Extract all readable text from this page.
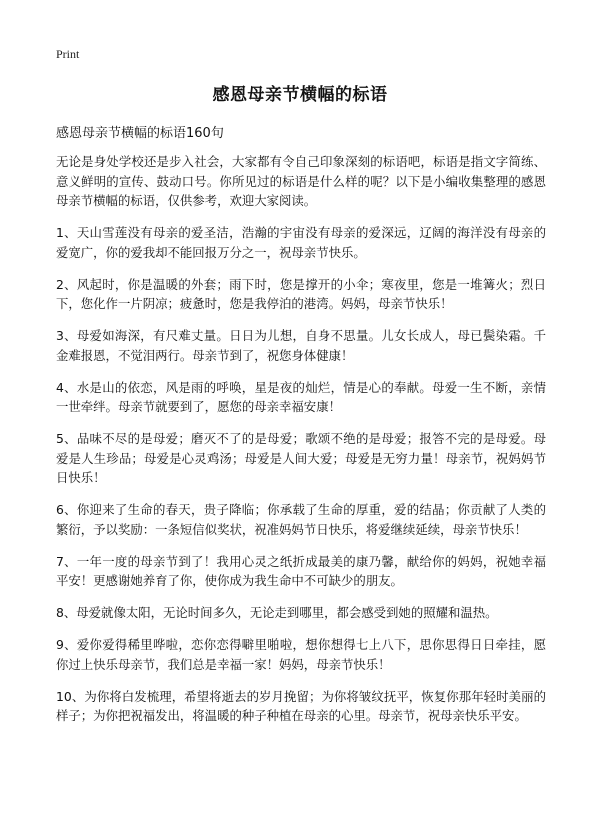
Print
感恩母亲节横幅的标语

感恩母亲节横幅的标语160句

无论是身处学校还是步入社会，大家都有令自己印象深刻的标语吧，标语是指文字简练、意义鲜明的宣传、鼓动口号。你所见过的标语是什么样的呢？以下是小编收集整理的感恩母亲节横幅的标语，仅供参考，欢迎大家阅读。

1、天山雪莲没有母亲的爱圣洁，浩瀚的宇宙没有母亲的爱深远，辽阔的海洋没有母亲的爱宽广，你的爱我却不能回报万分之一，祝母亲节快乐。

2、风起时，你是温暖的外套；雨下时，您是撑开的小伞；寒夜里，您是一堆篝火；烈日下，您化作一片阴凉；疲惫时，您是我停泊的港湾。妈妈，母亲节快乐！

3、母爱如海深，有尺难丈量。日日为儿想，自身不思量。儿女长成人，母已鬓染霜。千金难报恩，不觉泪两行。母亲节到了，祝您身体健康！

4、水是山的依恋，风是雨的呼唤，星是夜的灿烂，情是心的奉献。母爱一生不断，亲情一世牵绊。母亲节就要到了，愿您的母亲幸福安康！

5、品味不尽的是母爱；磨灭不了的是母爱；歌颂不绝的是母爱；报答不完的是母爱。母爱是人生珍品；母爱是心灵鸡汤；母爱是人间大爱；母爱是无穷力量！母亲节，祝妈妈节日快乐！

6、你迎来了生命的春天，贵子降临；你承载了生命的厚重，爱的结晶；你贡献了人类的繁衍，予以奖励：一条短信似奖状，祝准妈妈节日快乐，将爱继续延续，母亲节快乐！

7、一年一度的母亲节到了！我用心灵之纸折成最美的康乃馨，献给你的妈妈，祝她幸福平安！更感谢她养育了你，使你成为我生命中不可缺少的朋友。

8、母爱就像太阳，无论时间多久，无论走到哪里，都会感受到她的照耀和温热。

9、爱你爱得稀里哗啦，恋你恋得噼里啪啦，想你想得七上八下，思你思得日日牵挂，愿你过上快乐母亲节，我们总是幸福一家！妈妈，母亲节快乐！

10、为你将白发梳理，希望将逝去的岁月挽留；为你将皱纹抚平，恢复你那年轻时美丽的样子；为你把祝福发出，将温暖的种子种植在母亲的心里。母亲节，祝母亲快乐平安。
